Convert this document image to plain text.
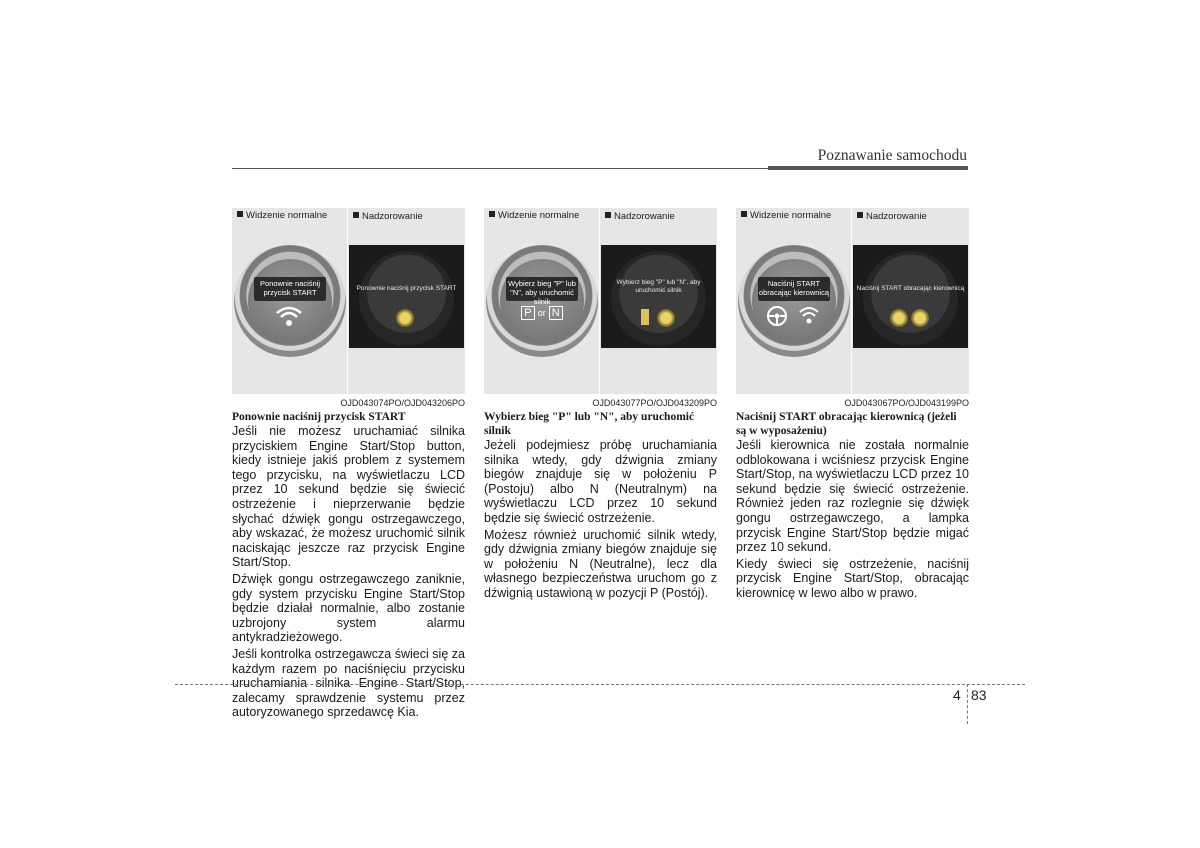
Poznawanie samochodu
Widzenie normalne	Nadzorowanie
Ponownie naciśnij przycisk START	Ponownie naciśnij przycisk START
OJD043074PO/OJD043206PO
Ponownie naciśnij przycisk START

Jeśli nie możesz uruchamiać silnika przyciskiem Engine Start/Stop button, kiedy istnieje jakiś problem z systemem tego przycisku, na wyświetlaczu LCD przez 10 sekund będzie się świecić ostrzeżenie i nieprzerwanie będzie słychać dźwięk gongu ostrzegawczego, aby wskazać, że możesz uruchomić silnik naciskając jeszcze raz przycisk Engine Start/Stop.

Dźwięk gongu ostrzegawczego zaniknie, gdy system przycisku Engine Start/Stop będzie działał normalnie, albo zostanie uzbrojony system alarmu antykradzieżowego.

Jeśli kontrolka ostrzegawcza świeci się za każdym razem po naciśnięciu przycisku uruchamiania silnika Engine Start/Stop, zalecamy sprawdzenie systemu przez autoryzowanego sprzedawcę Kia.

Widzenie normalne	Nadzorowanie
Wybierz bieg "P" lub "N", aby uruchomić silnik
P or N
Wybierz bieg "P" lub "N", aby uruchomić silnik
OJD043077PO/OJD043209PO
Wybierz bieg "P" lub "N", aby uruchomić silnik

Jeżeli podejmiesz próbę uruchamiania silnika wtedy, gdy dźwignia zmiany biegów znajduje się w położeniu P (Postoju) albo N (Neutralnym) na wyświetlaczu LCD przez 10 sekund będzie się świecić ostrzeżenie.

Możesz również uruchomić silnik wtedy, gdy dźwignia zmiany biegów znajduje się w położeniu N (Neutralne), lecz dla własnego bezpieczeństwa uruchom go z dźwignią ustawioną w pozycji P (Postój).

Widzenie normalne	Nadzorowanie
Naciśnij START obracając kierownicą	Naciśnij START obracając kierownicą
OJD043067PO/OJD043199PO
Naciśnij START obracając kierownicą (jeżeli są w wyposażeniu)

Jeśli kierownica nie została normalnie odblokowana i wciśniesz przycisk Engine Start/Stop, na wyświetlaczu LCD przez 10 sekund będzie się świecić ostrzeżenie. Również jeden raz rozlegnie się dźwięk gongu ostrzegawczego, a lampka przycisk Engine Start/Stop będzie migać przez 10 sekund.

Kiedy świeci się ostrzeżenie, naciśnij przycisk Engine Start/Stop, obracając kierownicę w lewo albo w prawo.

4 83
